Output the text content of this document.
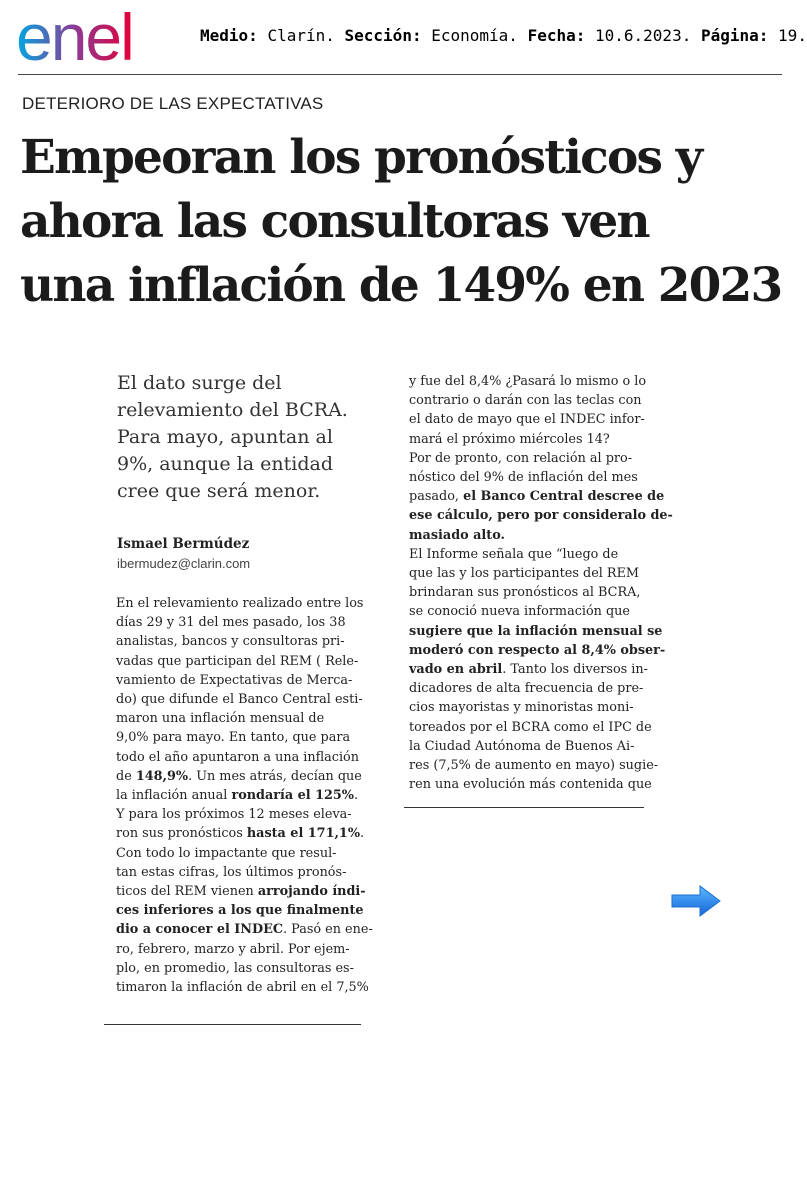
enel	Medio: Clarín. Sección: Economía. Fecha: 10.6.2023. Página: 19.
DETERIORO DE LAS EXPECTATIVAS
Empeoran los pronósticos y
ahora las consultoras ven
una inflación de 149% en 2023
El dato surge del
relevamiento del BCRA.
Para mayo, apuntan al
9%, aunque la entidad
cree que será menor.
Ismael Bermúdez
ibermudez@clarin.com
En el relevamiento realizado entre los
días 29 y 31 del mes pasado, los 38
analistas, bancos y consultoras pri-
vadas que participan del REM ( Rele-
vamiento de Expectativas de Merca-
do) que difunde el Banco Central esti-
maron una inflación mensual de
9,0% para mayo. En tanto, que para
todo el año apuntaron a una inflación
de 148,9%. Un mes atrás, decían que
la inflación anual rondaría el 125%.
Y para los próximos 12 meses eleva-
ron sus pronósticos hasta el 171,1%.
Con todo lo impactante que resul-
tan estas cifras, los últimos pronós-
ticos del REM vienen arrojando índi-
ces inferiores a los que finalmente
dio a conocer el INDEC. Pasó en ene-
ro, febrero, marzo y abril. Por ejem-
plo, en promedio, las consultoras es-
timaron la inflación de abril en el 7,5%
y fue del 8,4% ¿Pasará lo mismo o lo
contrario o darán con las teclas con
el dato de mayo que el INDEC infor-
mará el próximo miércoles 14?
Por de pronto, con relación al pro-
nóstico del 9% de inflación del mes
pasado, el Banco Central descree de
ese cálculo, pero por consideralo de-
masiado alto.
El Informe señala que “luego de
que las y los participantes del REM
brindaran sus pronósticos al BCRA,
se conoció nueva información que
sugiere que la inflación mensual se
moderó con respecto al 8,4% obser-
vado en abril. Tanto los diversos in-
dicadores de alta frecuencia de pre-
cios mayoristas y minoristas moni-
toreados por el BCRA como el IPC de
la Ciudad Autónoma de Buenos Ai-
res (7,5% de aumento en mayo) sugie-
ren una evolución más contenida que
